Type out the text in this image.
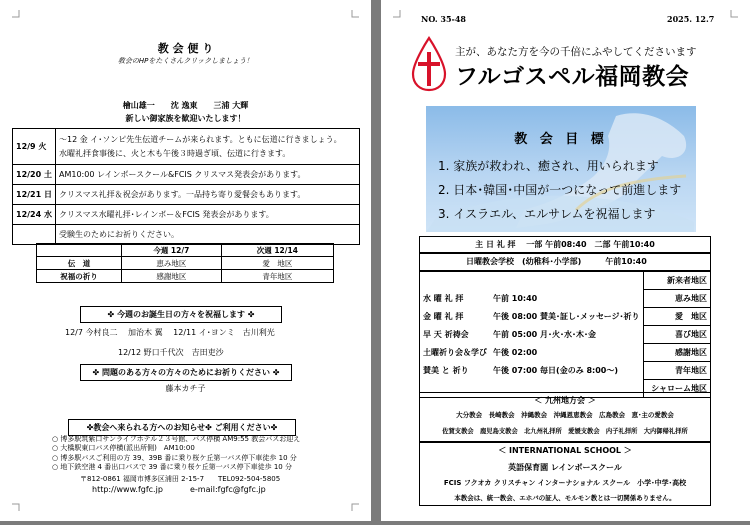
教 会 便 り
教会のHPをたくさんクリックしましょう！
檜山雄一　　沈 逸東　　三浦 大輝
新しい御家族を歓迎いたします！
12/9 火	～12 金 イ･ソンピ先生伝道チームが来られます。ともに伝道に行きましょう。
水曜礼拝食事後に、火と木も午後３時過ぎ頃、伝道に行きます。

12/20 土	AM10:00 レインボースクール&FCIS クリスマス発表会があります。
12/21 日	クリスマス礼拝＆祝会があります。一品持ち寄り愛餐会もあります。
12/24 水	クリスマス水曜礼拝･レインボー＆FCIS 発表会があります。
	受験生のためにお祈りください。
	今週 12/7	次週 12/14
伝　道	恵み地区	愛　地区
祝福の祈り	感謝地区	青年地区
✤ 今週のお誕生日の方々を祝福します ✤
12/7 今村良二　 加治木 翼　 12/11 イ･ヨンミ　古川利光
12/12 野口千代次　吉田吏沙
✤ 問題のある方々の方々のためにお祈りください ✤
藤本カチ子
✤教会へ来られる方へのお知らせ✤ ご利用ください✤
○ 博多駅筑紫口サンライフホテル２３号館、バス停横 AM9:55 教会バスお迎え
○ 大橋駅東口バス停横(派出所側)　AM10:00
○ 博多駅バスご利用の方 39、39B 番に乗り桜ケ丘第一バス停下車徒歩 10 分
○ 地下鉄空港 4 番出口バスで 39 番に乗り桜ケ丘第一バス停下車徒歩 10 分
〒812-0861 福岡市博多区浦田 2-15-7　　TEL092-504-5805
http://www.fgfc.jp	e-mail:fgfc@fgfc.jp
NO. 35-48	2025. 12.7
主が、あなた方を今の千倍にふやしてくださいます
フルゴスペル福岡教会
教 会 目 標
1. 家族が救われ、癒され、用いられます
2. 日本･韓国･中国が一つになって前進します
3. イスラエル、エルサレムを祝福します
主 日 礼 拝　 一部 午前08:40　二部 午前10:40
日曜教会学校　(幼稚科･小学部)　　　午前10:40
		新来者地区
水 曜 礼 拝	午前 10:40	恵み地区
金 曜 礼 拝	午後 08:00 賛美･証し･メッセージ･祈り	愛　地区
早 天 祈祷会	午前 05:00 月･火･水･木･金	喜び地区
土曜祈り会＆学び	午後 02:00	感謝地区
賛美 と 祈り	午後 07:00 毎日(金のみ 8:00～)	青年地区
		シャローム地区
＜ 九州地方会 ＞
大分教会　長崎教会　沖縄教会　沖縄恩恵教会　広島教会　恵･主の愛教会
佐賀支教会　鹿児島支教会　北九州礼拝所　愛媛支教会　内子礼拝所　大内御帰礼拝所
＜ INTERNATIONAL SCHOOL ＞
英語保育園 レインボースクール
FCIS フクオカ クリスチャン インターナショナル スクール　小学･中学･高校
本教会は、統一教会、エホバの証人、モルモン教とは一切関係ありません。
